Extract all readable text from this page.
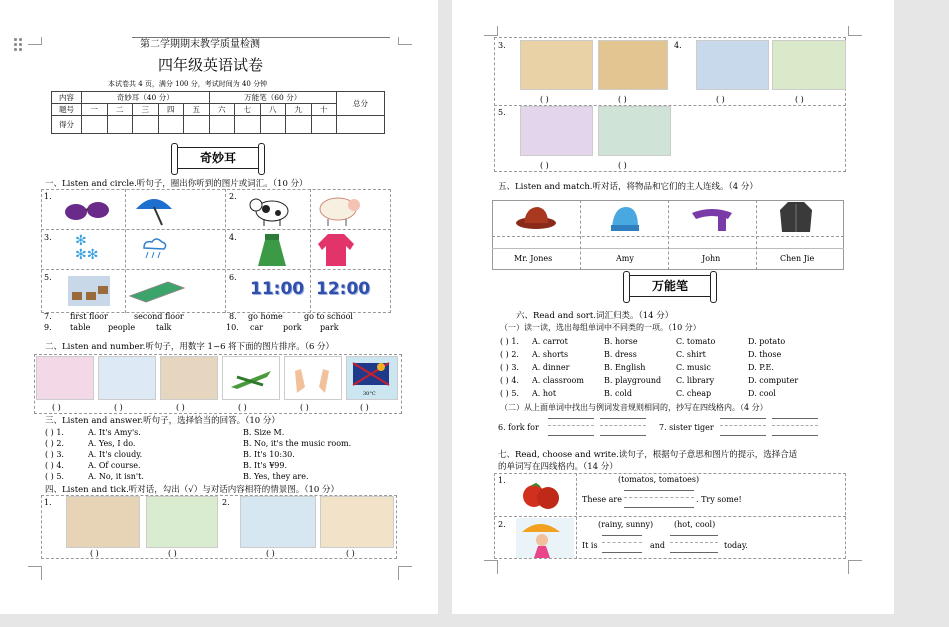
第二学期期末教学质量检测
四年级英语试卷
本试卷共 4 页，满分 100 分，考试时间为 40 分钟
内容	奇妙耳（40 分）					万能笔（60 分）					总分
题号	一	二	三	四	五	六	七	八	九	十	
得分											
奇妙耳
一、Listen and circle.听句子，圈出你听到的图片或词汇。（10 分）
1.	2.
3.	4.
5.	6.
✻
✻✻
11:00 12:00
7. first floor	second floor	8. go home	go to school
9. table people	talk	10. car pork park
二、Listen and number.听句子，用数字 1~6 将下面的图片排序。（6 分）
30°C
( )	( )	( )	( )	( )	( )
三、Listen and answer.听句子，选择恰当的回答。（10 分）
( ) 1.	A. It's Amy's.	B. Size M.
( ) 2.	A. Yes, I do.	B. No, it's the music room.
( ) 3.	A. It's cloudy.	B. It's 10:30.
( ) 4.	A. Of course.	B. It's ¥99.
( ) 5.	A. No, it isn't.	B. Yes, they are.
四、Listen and tick.听对话，勾出（√）与对话内容相符的情景图。（10 分）
1.	2.
( )	( )	( )	( )
3.	4.
5.
( )	( )	( )	( )
( )	( )
五、Listen and match.听对话，将物品和它们的主人连线。（4 分）
Mr. Jones	Amy	John	Chen Jie
万能笔
六、Read and sort.词汇归类。（14 分）
（一）读一读，选出每组单词中不同类的一项。（10 分）
( ) 1. A. carrot	B. horse	C. tomato	D. potato
( ) 2. A. shorts	B. dress	C. shirt	D. those
( ) 3. A. dinner	B. English	C. music	D. P.E.
( ) 4. A. classroom	B. playground C. library	D. computer
( ) 5. A. hot	B. cold	C. cheap	D. cool
（二）从上面单词中找出与例词发音规则相同的，抄写在四线格内。（4 分）
6. fork for	7. sister tiger
七、Read, choose and write.读句子，根据句子意思和图片的提示，选择合适
的单词写在四线格内。（14 分）
1.
2.
(tomatos, tomatoes)
These are	. Try some!
(rainy, sunny)	(hot, cool)
It is	and	today.
